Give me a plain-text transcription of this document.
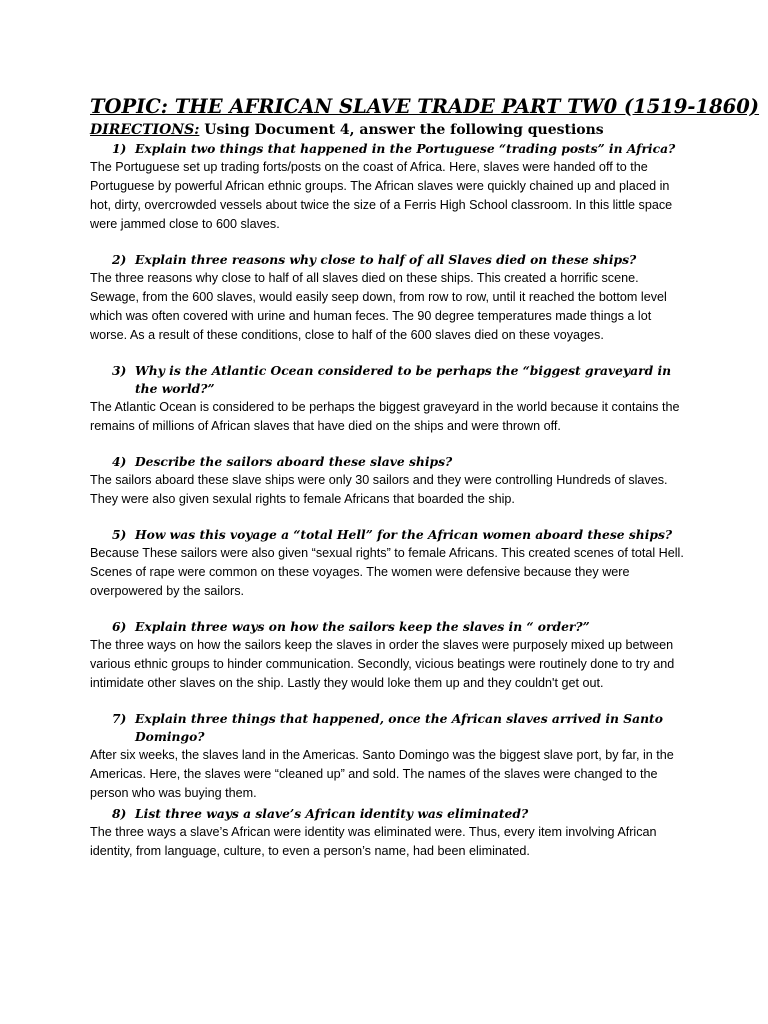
TOPIC: THE AFRICAN SLAVE TRADE PART TW0 (1519-1860)

DIRECTIONS: Using Document 4, answer the following questions

1) Explain two things that happened in the Portuguese “trading posts” in Africa?

The Portuguese set up trading forts/posts on the coast of Africa. Here, slaves were handed off to the Portuguese by powerful African ethnic groups. The African slaves were quickly chained up and placed in hot, dirty, overcrowded vessels about twice the size of a Ferris High School classroom. In this little space were jammed close to 600 slaves.

2) Explain three reasons why close to half of all Slaves died on these ships?

The three reasons why close to half of all slaves died on these ships. This created a horrific scene. Sewage, from the 600 slaves, would easily seep down, from row to row, until it reached the bottom level which was often covered with urine and human feces. The 90 degree temperatures made things a lot worse. As a result of these conditions, close to half of the 600 slaves died on these voyages.

3) Why is the Atlantic Ocean considered to be perhaps the “biggest graveyard in the world?”

The Atlantic Ocean is considered to be perhaps the biggest graveyard in the world because it contains the remains of millions of African slaves that have died on the ships and were thrown off.

4) Describe the sailors aboard these slave ships?

The sailors aboard these slave ships were only 30 sailors and they were controlling Hundreds of slaves. They were also given sexulal rights to female Africans that boarded the ship.

5) How was this voyage a “total Hell” for the African women aboard these ships?

Because These sailors were also given “sexual rights” to female Africans. This created scenes of total Hell. Scenes of rape were common on these voyages. The women were defensive because they were overpowered by the sailors.

6) Explain three ways on how the sailors keep the slaves in “ order?”

The three ways on how the sailors keep the slaves in order the slaves were purposely mixed up between various ethnic groups to hinder communication. Secondly, vicious beatings were routinely done to try and intimidate other slaves on the ship. Lastly they would loke them up and they couldn't get out.

7) Explain three things that happened, once the African slaves arrived in Santo Domingo?

After six weeks, the slaves land in the Americas. Santo Domingo was the biggest slave port, by far, in the Americas. Here, the slaves were “cleaned up” and sold. The names of the slaves were changed to the person who was buying them.

8) List three ways a slave’s African identity was eliminated?

The three ways a slave’s African were identity was eliminated were. Thus, every item involving African identity, from language, culture, to even a person’s name, had been eliminated.
